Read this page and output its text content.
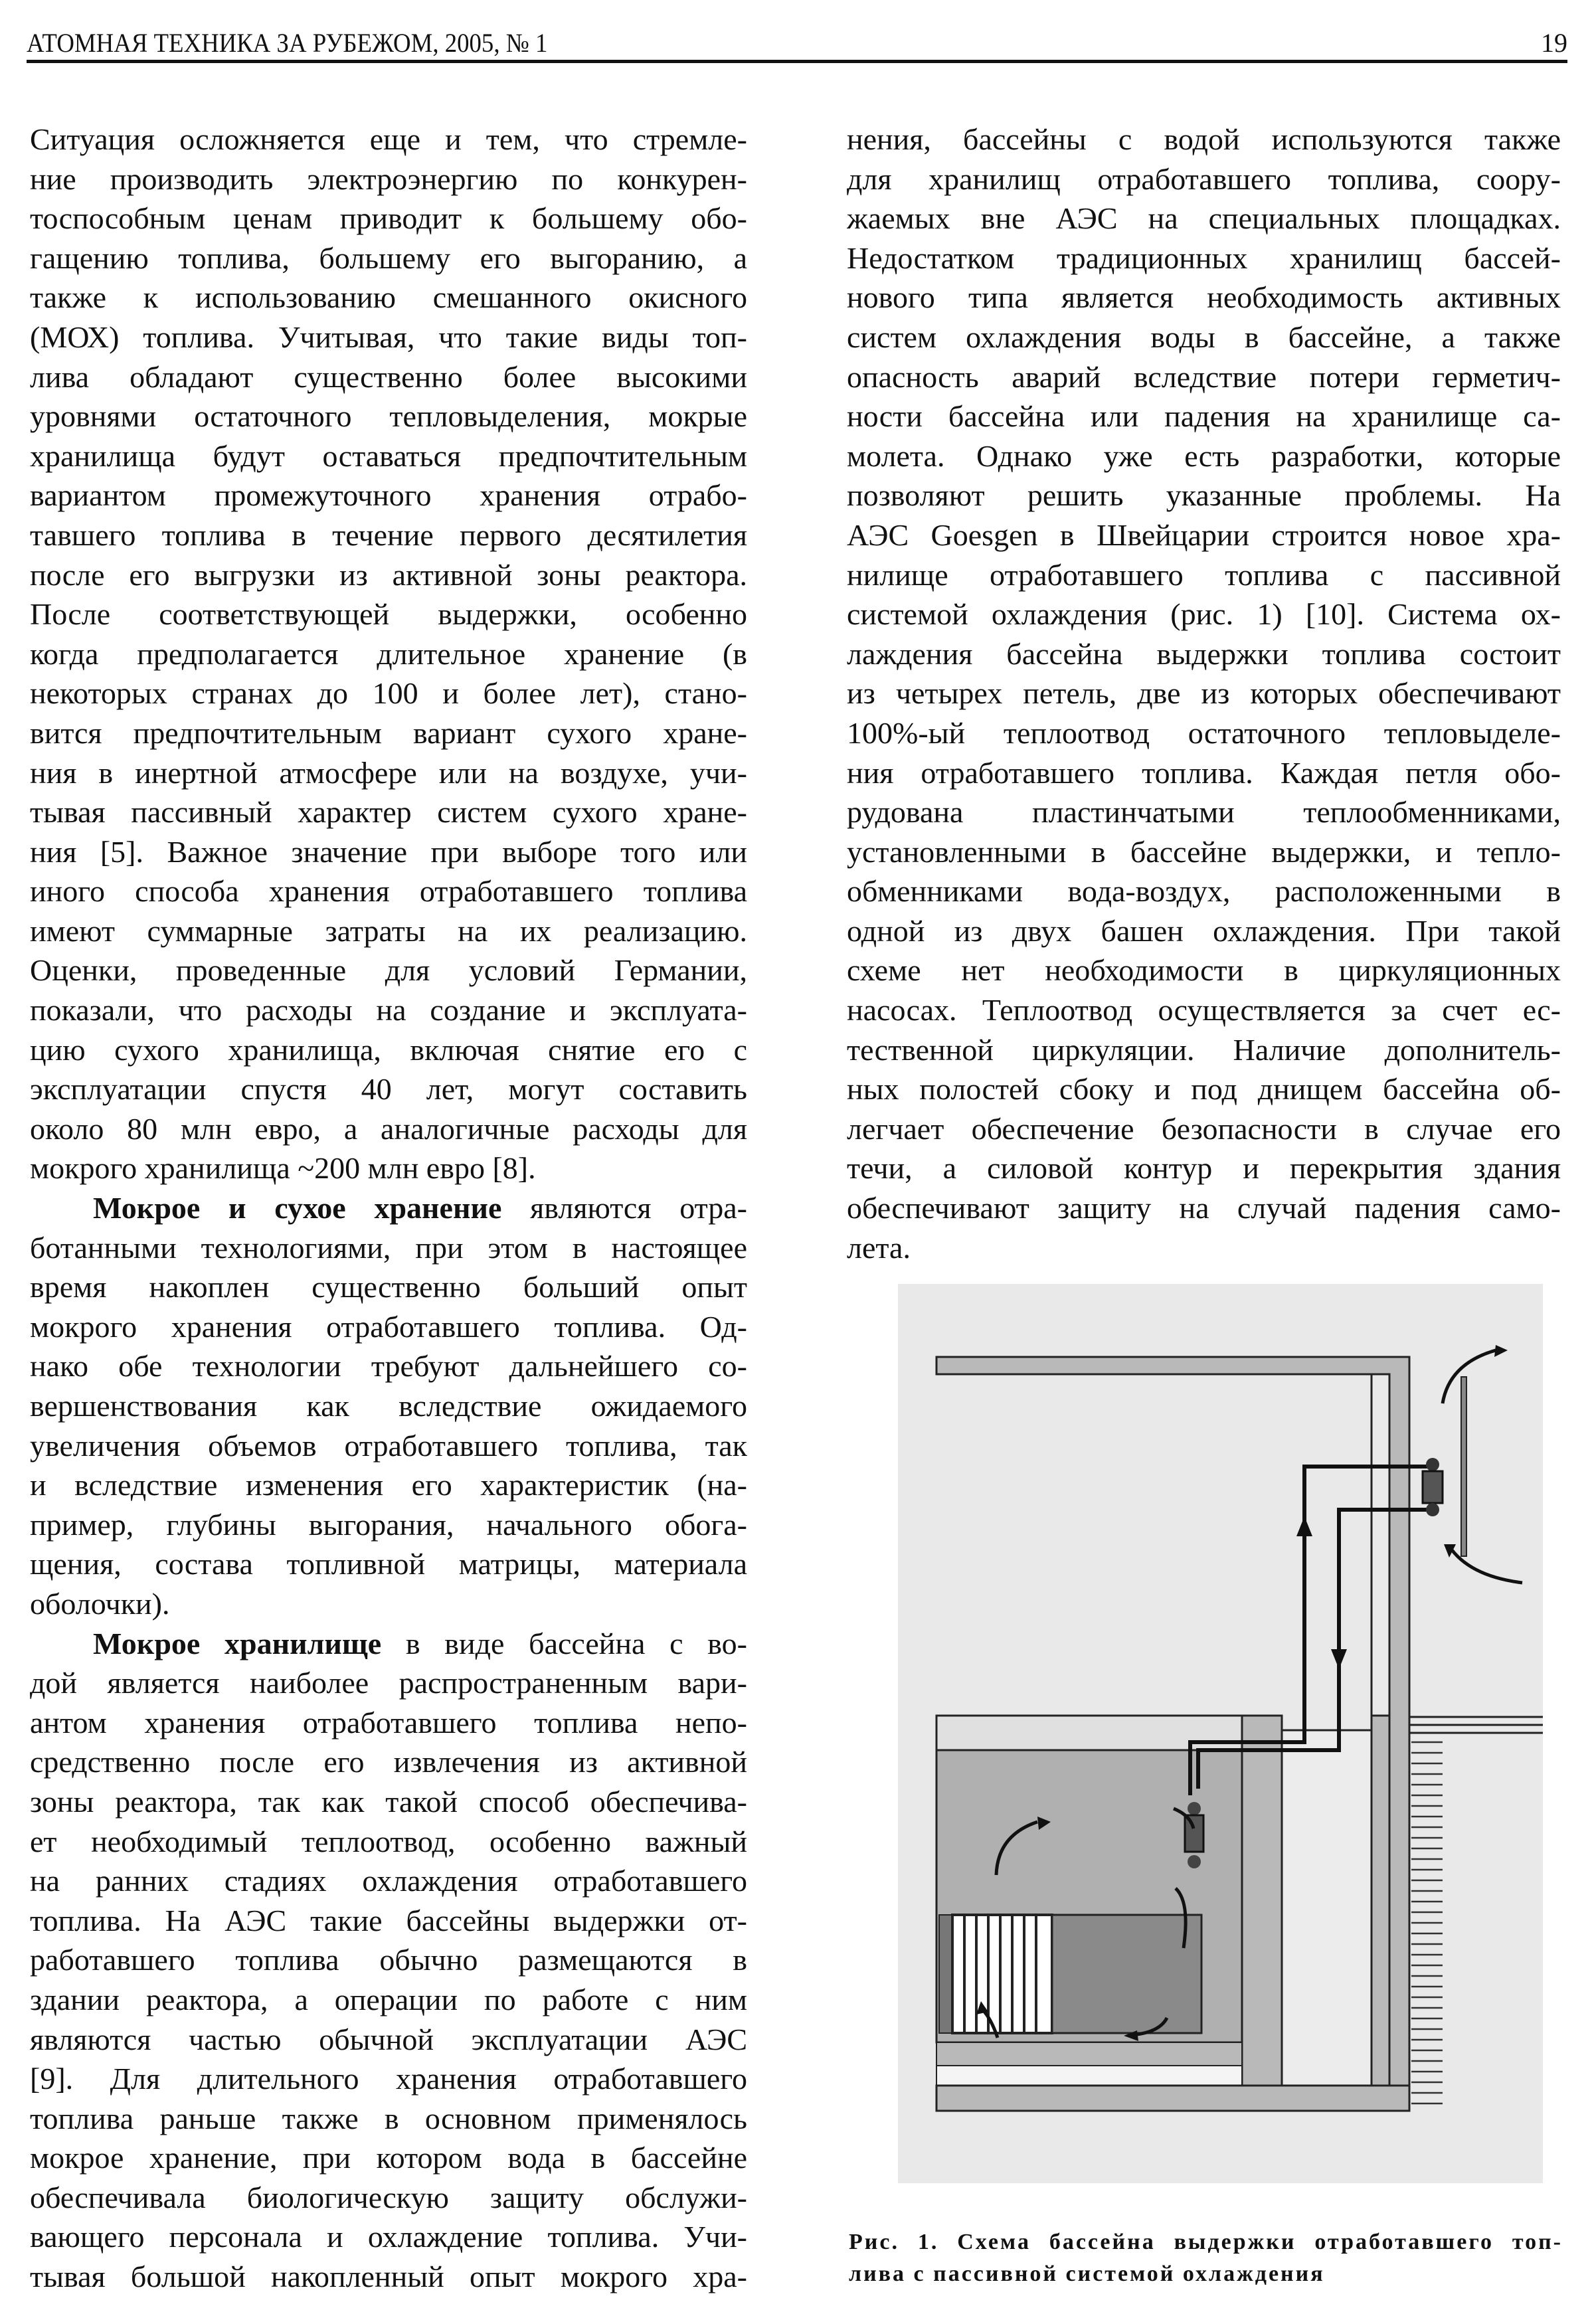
АТОМНАЯ ТЕХНИКА ЗА РУБЕЖОМ, 2005, № 1	19
Ситуация осложняется еще и тем, что стремле-
ние производить электроэнергию по конкурен-
тоспособным ценам приводит к большему обо-
гащению топлива, большему его выгоранию, а
также к использованию смешанного окисного
(МОХ) топлива. Учитывая, что такие виды топ-
лива обладают существенно более высокими
уровнями остаточного тепловыделения, мокрые
хранилища будут оставаться предпочтительным
вариантом промежуточного хранения отрабо-
тавшего топлива в течение первого десятилетия
после его выгрузки из активной зоны реактора.
После соответствующей выдержки, особенно
когда предполагается длительное хранение (в
некоторых странах до 100 и более лет), стано-
вится предпочтительным вариант сухого хране-
ния в инертной атмосфере или на воздухе, учи-
тывая пассивный характер систем сухого хране-
ния [5]. Важное значение при выборе того или
иного способа хранения отработавшего топлива
имеют суммарные затраты на их реализацию.
Оценки, проведенные для условий Германии,
показали, что расходы на создание и эксплуата-
цию сухого хранилища, включая снятие его с
эксплуатации спустя 40 лет, могут составить
около 80 млн евро, а аналогичные расходы для
мокрого хранилища ~200 млн евро [8].
Мокрое и сухое хранение являются отра-
ботанными технологиями, при этом в настоящее
время накоплен существенно больший опыт
мокрого хранения отработавшего топлива. Од-
нако обе технологии требуют дальнейшего со-
вершенствования как вследствие ожидаемого
увеличения объемов отработавшего топлива, так
и вследствие изменения его характеристик (на-
пример, глубины выгорания, начального обога-
щения, состава топливной матрицы, материала
оболочки).
Мокрое хранилище в виде бассейна с во-
дой является наиболее распространенным вари-
антом хранения отработавшего топлива непо-
средственно после его извлечения из активной
зоны реактора, так как такой способ обеспечива-
ет необходимый теплоотвод, особенно важный
на ранних стадиях охлаждения отработавшего
топлива. На АЭС такие бассейны выдержки от-
работавшего топлива обычно размещаются в
здании реактора, а операции по работе с ним
являются частью обычной эксплуатации АЭС
[9]. Для длительного хранения отработавшего
топлива раньше также в основном применялось
мокрое хранение, при котором вода в бассейне
обеспечивала биологическую защиту обслужи-
вающего персонала и охлаждение топлива. Учи-
тывая большой накопленный опыт мокрого хра-
нения, бассейны с водой используются также
для хранилищ отработавшего топлива, соору-
жаемых вне АЭС на специальных площадках.
Недостатком традиционных хранилищ бассей-
нового типа является необходимость активных
систем охлаждения воды в бассейне, а также
опасность аварий вследствие потери герметич-
ности бассейна или падения на хранилище са-
молета. Однако уже есть разработки, которые
позволяют решить указанные проблемы. На
АЭС Goesgen в Швейцарии строится новое хра-
нилище отработавшего топлива с пассивной
системой охлаждения (рис. 1) [10]. Система ох-
лаждения бассейна выдержки топлива состоит
из четырех петель, две из которых обеспечивают
100%-ый теплоотвод остаточного тепловыделе-
ния отработавшего топлива. Каждая петля обо-
рудована пластинчатыми теплообменниками,
установленными в бассейне выдержки, и тепло-
обменниками вода-воздух, расположенными в
одной из двух башен охлаждения. При такой
схеме нет необходимости в циркуляционных
насосах. Теплоотвод осуществляется за счет ес-
тественной циркуляции. Наличие дополнитель-
ных полостей сбоку и под днищем бассейна об-
легчает обеспечение безопасности в случае его
течи, а силовой контур и перекрытия здания
обеспечивают защиту на случай падения само-
лета.
Рис. 1. Схема бассейна выдержки отработавшего топ-
лива с пассивной системой охлаждения
